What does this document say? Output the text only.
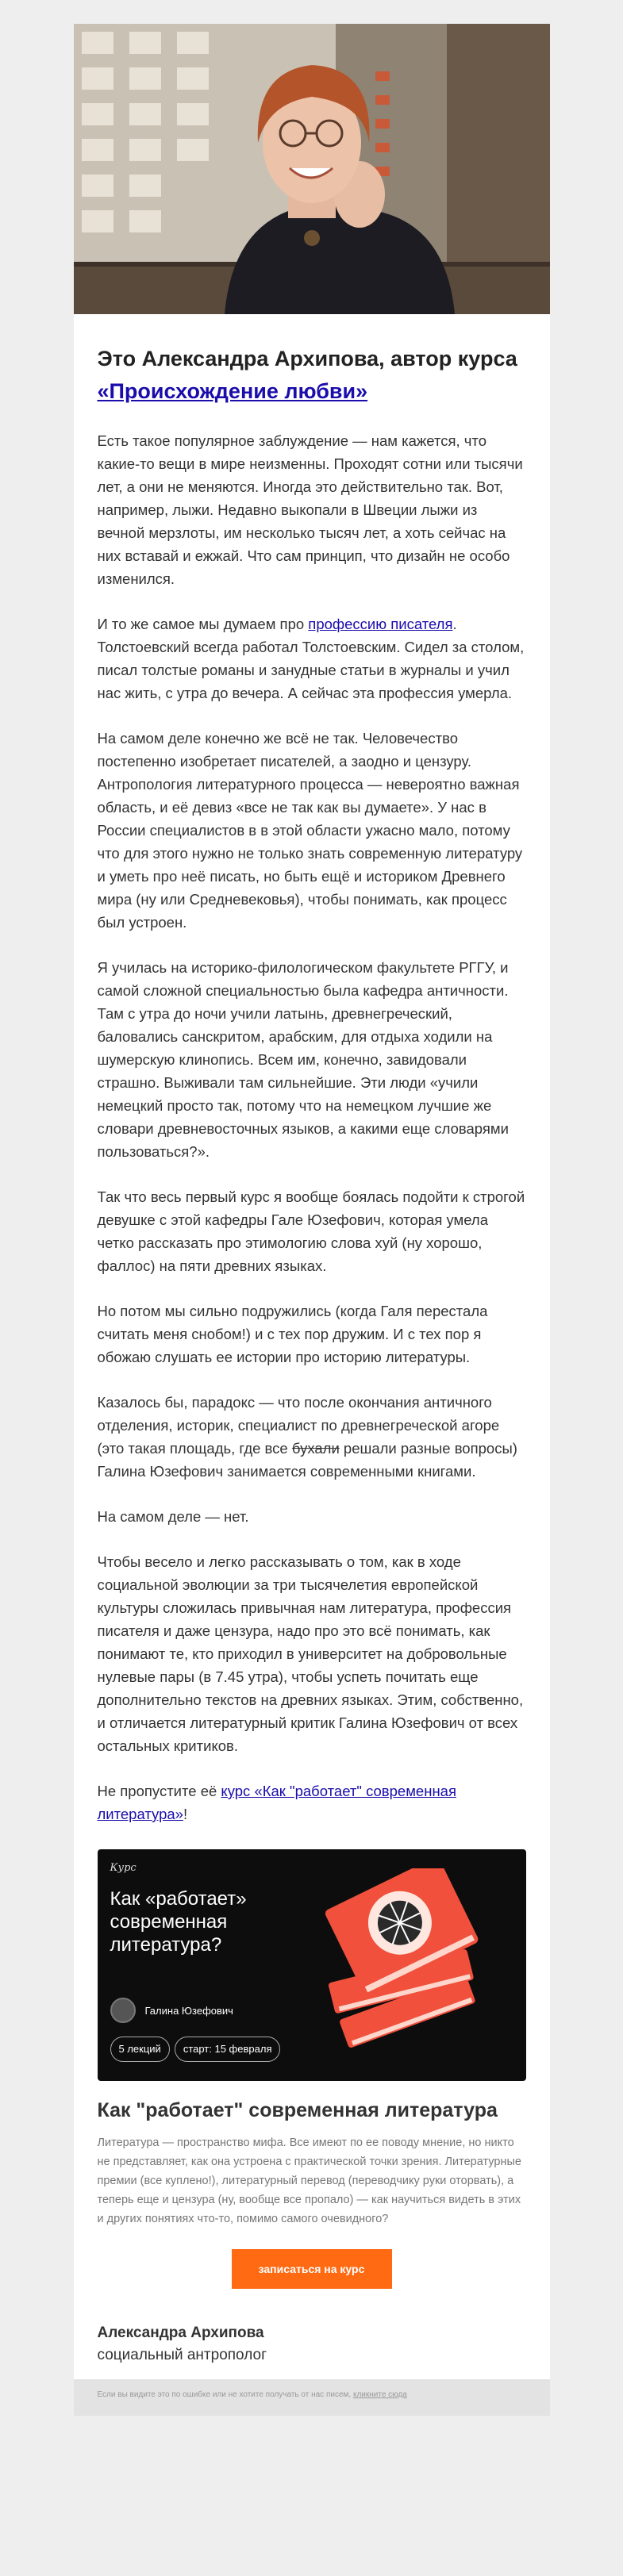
Это Александра Архипова, автор курса «Происхождение любви»

Есть такое популярное заблуждение — нам кажется, что какие-то вещи в мире неизменны. Проходят сотни или тысячи лет, а они не меняются. Иногда это действительно так. Вот, например, лыжи. Недавно выкопали в Швеции лыжи из вечной мерзлоты, им несколько тысяч лет, а хоть сейчас на них вставай и ежжай. Что сам принцип, что дизайн не особо изменился.

И то же самое мы думаем про профессию писателя. Толстоевский всегда работал Толстоевским. Сидел за столом, писал толстые романы и занудные статьи в журналы и учил нас жить, с утра до вечера. А сейчас эта профессия умерла.

На самом деле конечно же всё не так. Человечество постепенно изобретает писателей, а заодно и цензуру. Антропология литературного процесса — невероятно важная область, и её девиз «все не так как вы думаете». У нас в России специалистов в в этой области ужасно мало, потому что для этого нужно не только знать современную литературу и уметь про неё писать, но быть ещё и историком Древнего мира (ну или Средневековья), чтобы понимать, как процесс был устроен.

Я училась на историко-филологическом факультете РГГУ, и самой сложной специальностью была кафедра античности. Там с утра до ночи учили латынь, древнегреческий, баловались санскритом, арабским, для отдыха ходили на шумерскую клинопись. Всем им, конечно, завидовали страшно. Выживали там сильнейшие. Эти люди «учили немецкий просто так, потому что на немецком лучшие же словари древневосточных языков, а какими еще словарями пользоваться?».

Так что весь первый курс я вообще боялась подойти к строгой девушке с этой кафедры Гале Юзефович, которая умела четко рассказать про этимологию слова хуй (ну хорошо, фаллос) на пяти древних языках.

Но потом мы сильно подружились (когда Галя перестала считать меня снобом!) и с тех пор дружим. И с тех пор я обожаю слушать ее истории про историю литературы.

Казалось бы, парадокс — что после окончания античного отделения, историк, специалист по древнегреческой агоре (это такая площадь, где все бухали решали разные вопросы) Галина Юзефович занимается современными книгами.

На самом деле — нет.

Чтобы весело и легко рассказывать о том, как в ходе социальной эволюции за три тысячелетия европейской культуры сложилась привычная нам литература, профессия писателя и даже цензура, надо про это всё понимать, как понимают те, кто приходил в университет на добровольные нулевые пары (в 7.45 утра), чтобы успеть почитать еще дополнительно текстов на древних языках. Этим, собственно, и отличается литературный критик Галина Юзефович от всех остальных критиков.

Не пропустите её курс «Как "работает" современная литература»!

Курс
Как «работает» современная литература?
Галина Юзефович
5 лекций	старт: 15 февраля
Как "работает" современная литература

Литература — пространство мифа. Все имеют по ее поводу мнение, но никто не представляет, как она устроена с практической точки зрения. Литературные премии (все куплено!), литературный перевод (переводчику руки оторвать), а теперь еще и цензура (ну, вообще все пропало) — как научиться видеть в этих и других понятиях что-то, помимо самого очевидного?

записаться на курс
Александра Архипова
социальный антрополог
Если вы видите это по ошибке или не хотите получать от нас писем, кликните сюда
